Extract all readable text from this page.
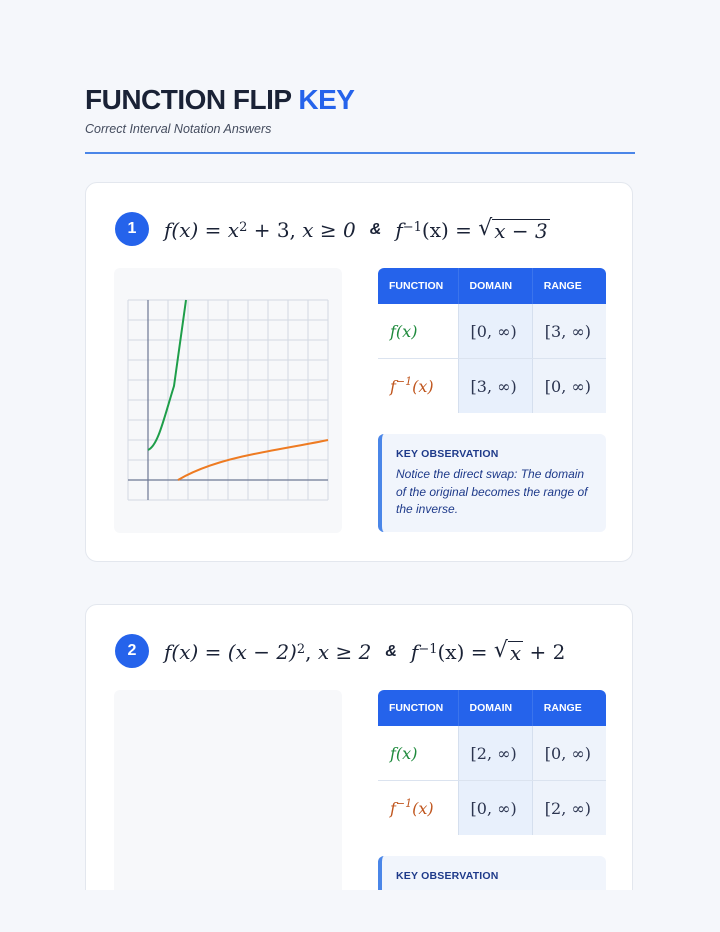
FUNCTION FLIP KEY
Correct Interval Notation Answers
1	$f(x) = x^2$
+ 3,
x ≥ 0 & $f^{-1}$ (x) =
√ x − 3
FUNCTION	DOMAIN	RANGE
f(x)	[0, ∞)	[3, ∞)
$f^{-1}(x)$	[3, ∞)	[0, ∞)
KEY OBSERVATION
Notice the direct swap: The domain of the original becomes the range of the inverse.
2	$f(x) = (x - 2)^2$ ,
x ≥ 2 & $f^{-1}$ (x) =
√ x
+ 2
FUNCTION	DOMAIN	RANGE
f(x)	[2, ∞)	[0, ∞)
$f^{-1}(x)$	[0, ∞)	[2, ∞)
KEY OBSERVATION
